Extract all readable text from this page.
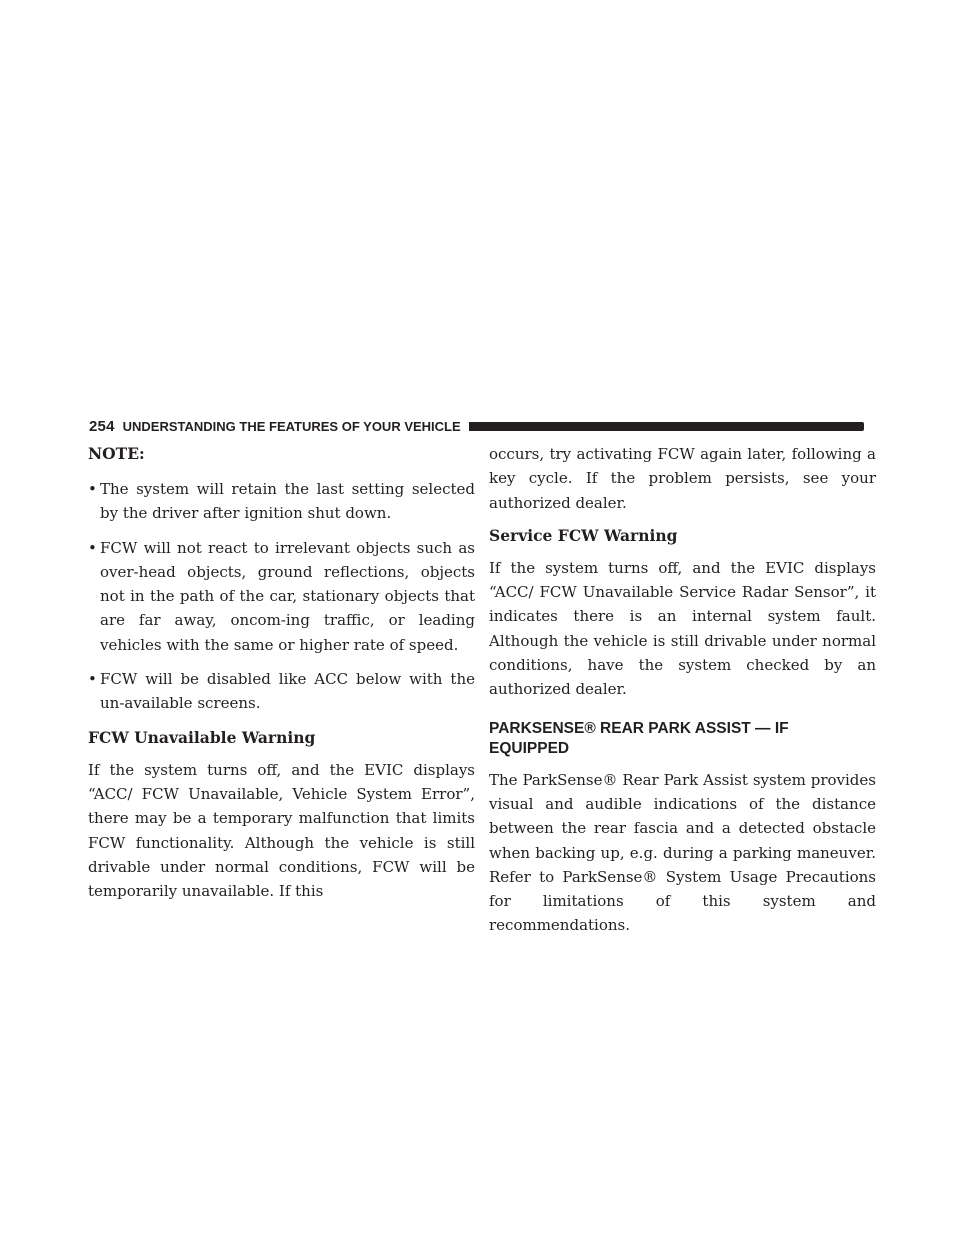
254 UNDERSTANDING THE FEATURES OF YOUR VEHICLE
NOTE:
• The system will retain the last setting selected by the driver after ignition shut down.
• FCW will not react to irrelevant objects such as over-head objects, ground reflections, objects not in the path of the car, stationary objects that are far away, oncom-ing traffic, or leading vehicles with the same or higher rate of speed.
• FCW will be disabled like ACC below with the un-available screens.
FCW Unavailable Warning

If the system turns off, and the EVIC displays “ACC/ FCW Unavailable, Vehicle System Error”, there may be a temporary malfunction that limits FCW functionality. Although the vehicle is still drivable under normal conditions, FCW will be temporarily unavailable. If this

occurs, try activating FCW again later, following a key cycle. If the problem persists, see your authorized dealer.

Service FCW Warning

If the system turns off, and the EVIC displays “ACC/ FCW Unavailable Service Radar Sensor”, it indicates there is an internal system fault. Although the vehicle is still drivable under normal conditions, have the system checked by an authorized dealer.

PARKSENSE® REAR PARK ASSIST — IF
EQUIPPED

The ParkSense® Rear Park Assist system provides visual and audible indications of the distance between the rear fascia and a detected obstacle when backing up, e.g. during a parking maneuver. Refer to ParkSense® System Usage Precautions for limitations of this system and recommendations.
